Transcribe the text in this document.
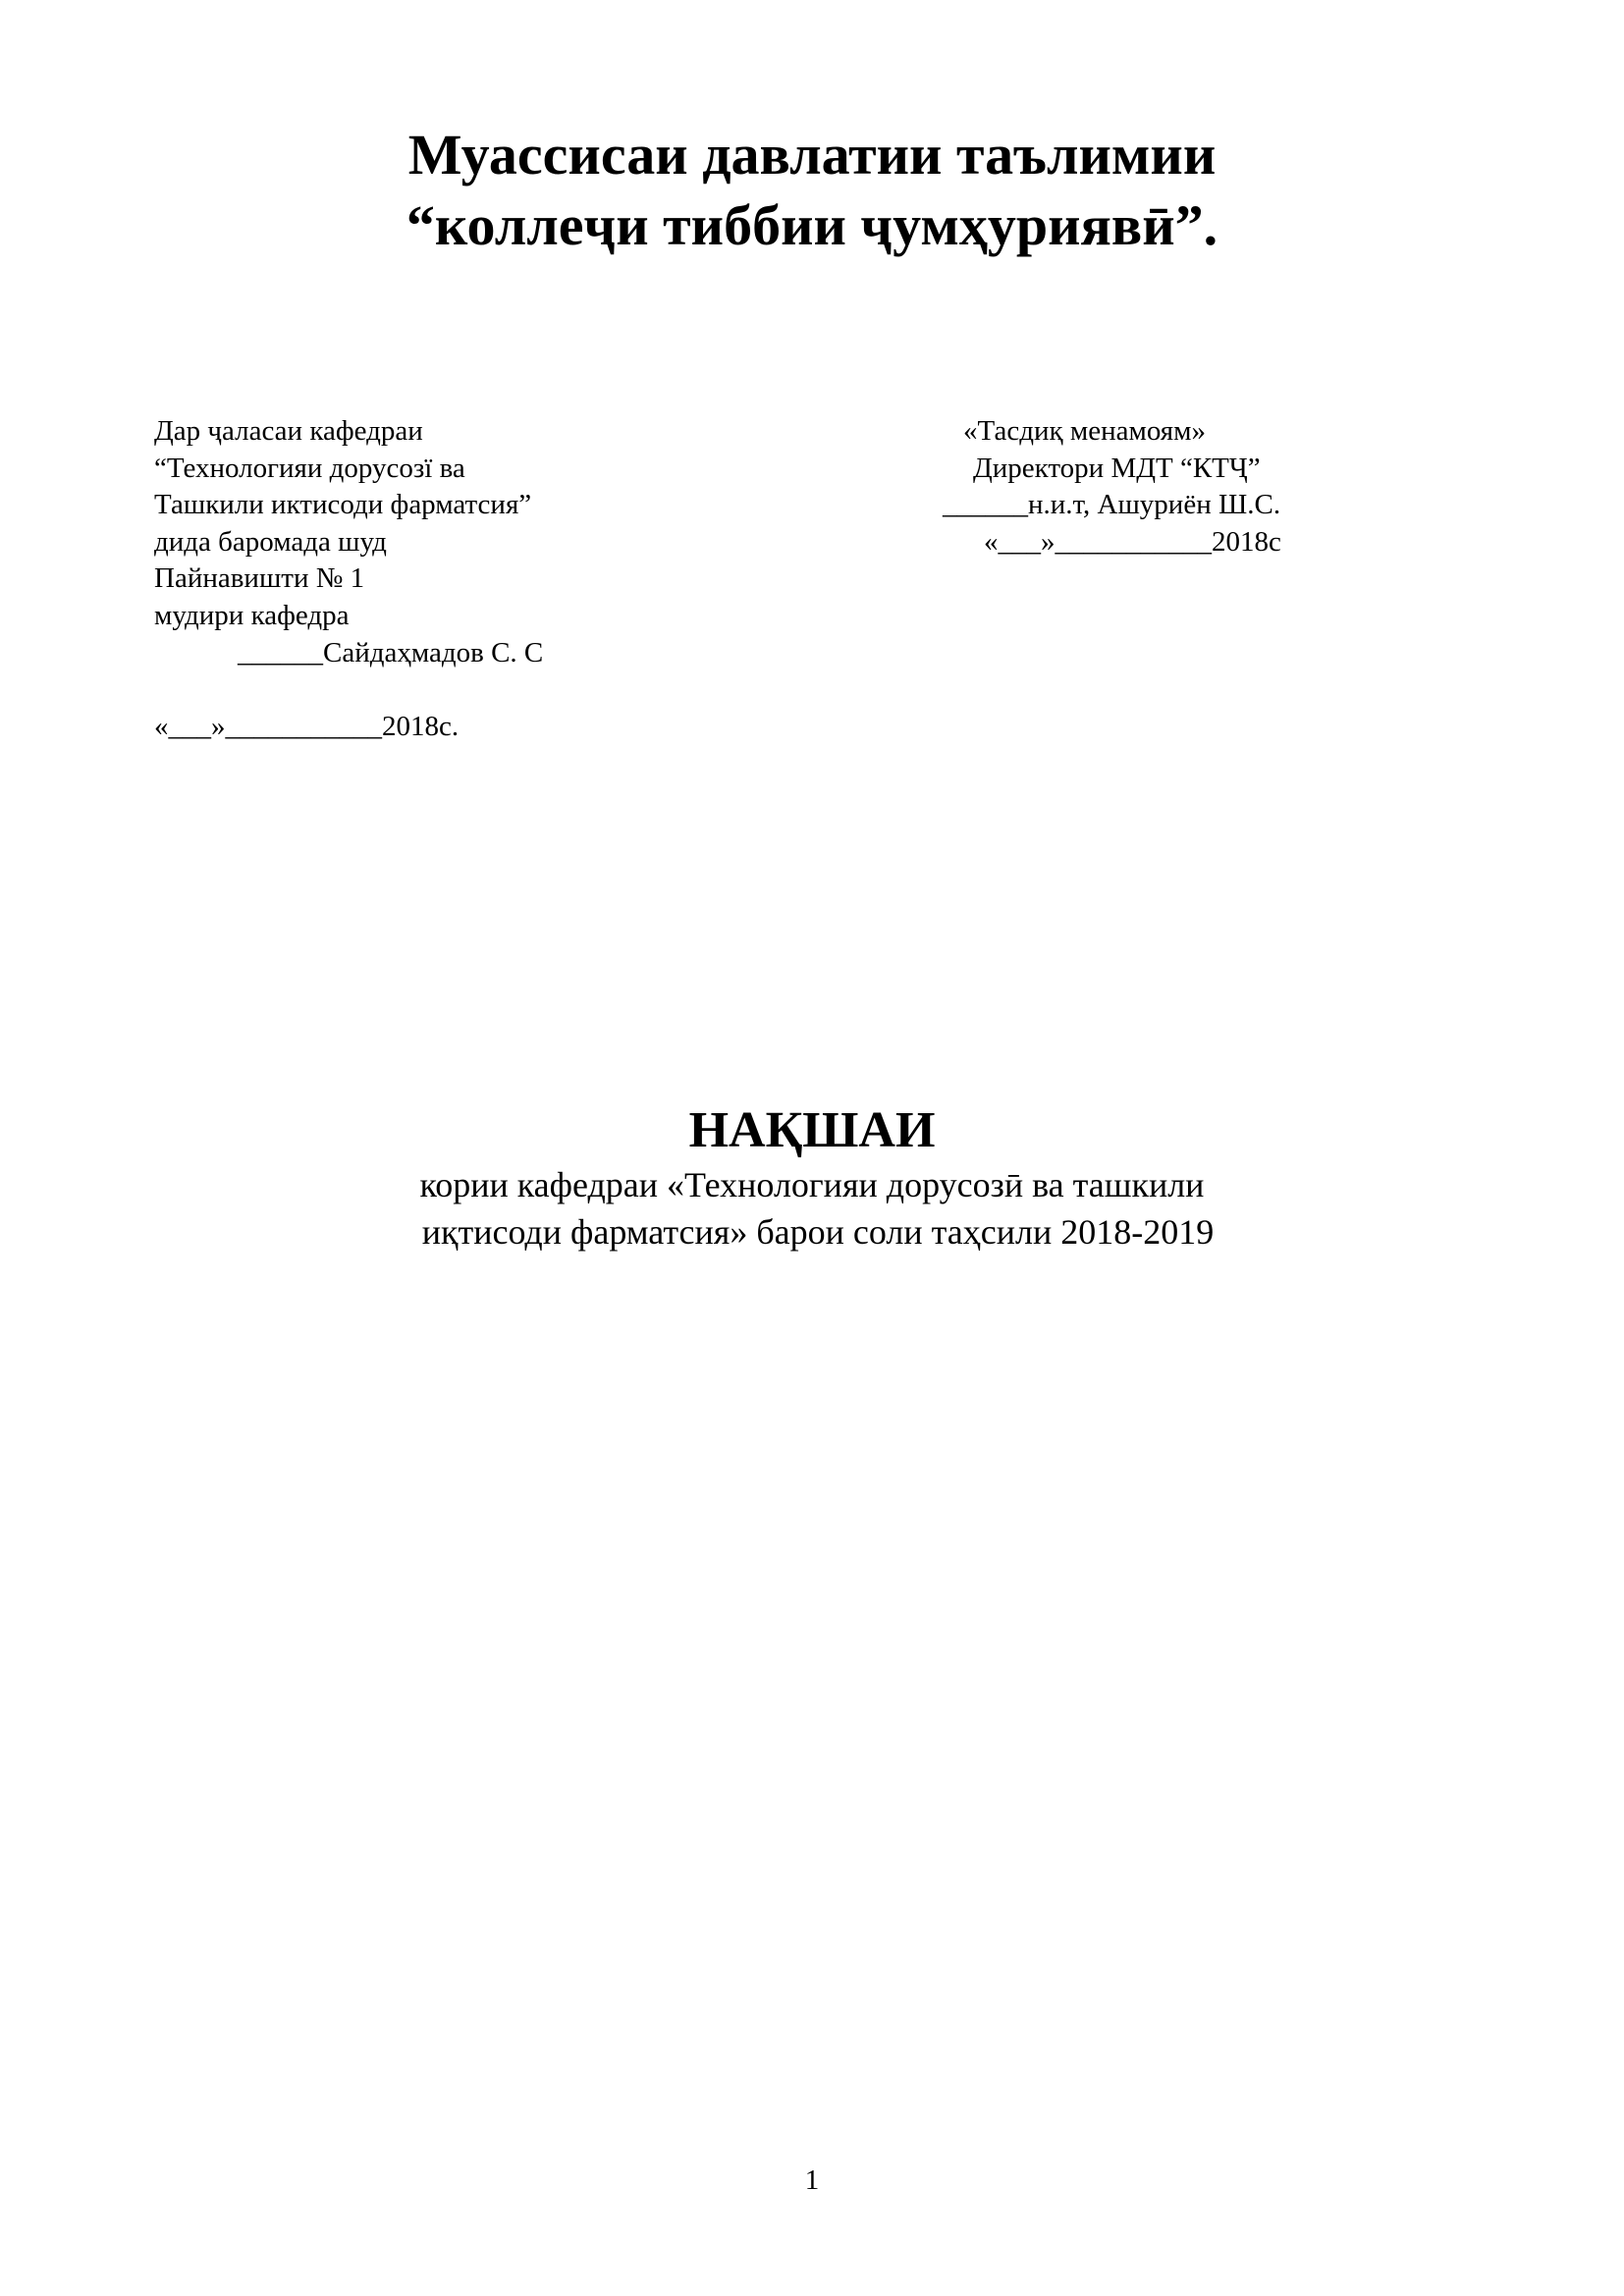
Муассисаи давлатии таълимии
“коллеҷи тиббии ҷумҳуриявӣ”.
Дар ҷаласаи кафедраи
“Технологияи дорусозї ва
Ташкили иктисоди фарматсия”
дида баромада шуд
Пайнавишти № 1
мудири кафедра
______Сайдаҳмадов С. С
«___»___________2018с.
«Тасдиқ менамоям»
Директори МДТ “КТҶ”
______н.и.т, Ашуриён Ш.С.
«___»___________2018с
НАҚШАИ
кории кафедраи «Технологияи дорусозӣ ва ташкили
иқтисоди фарматсия» барои соли таҳсили 2018-2019
1
